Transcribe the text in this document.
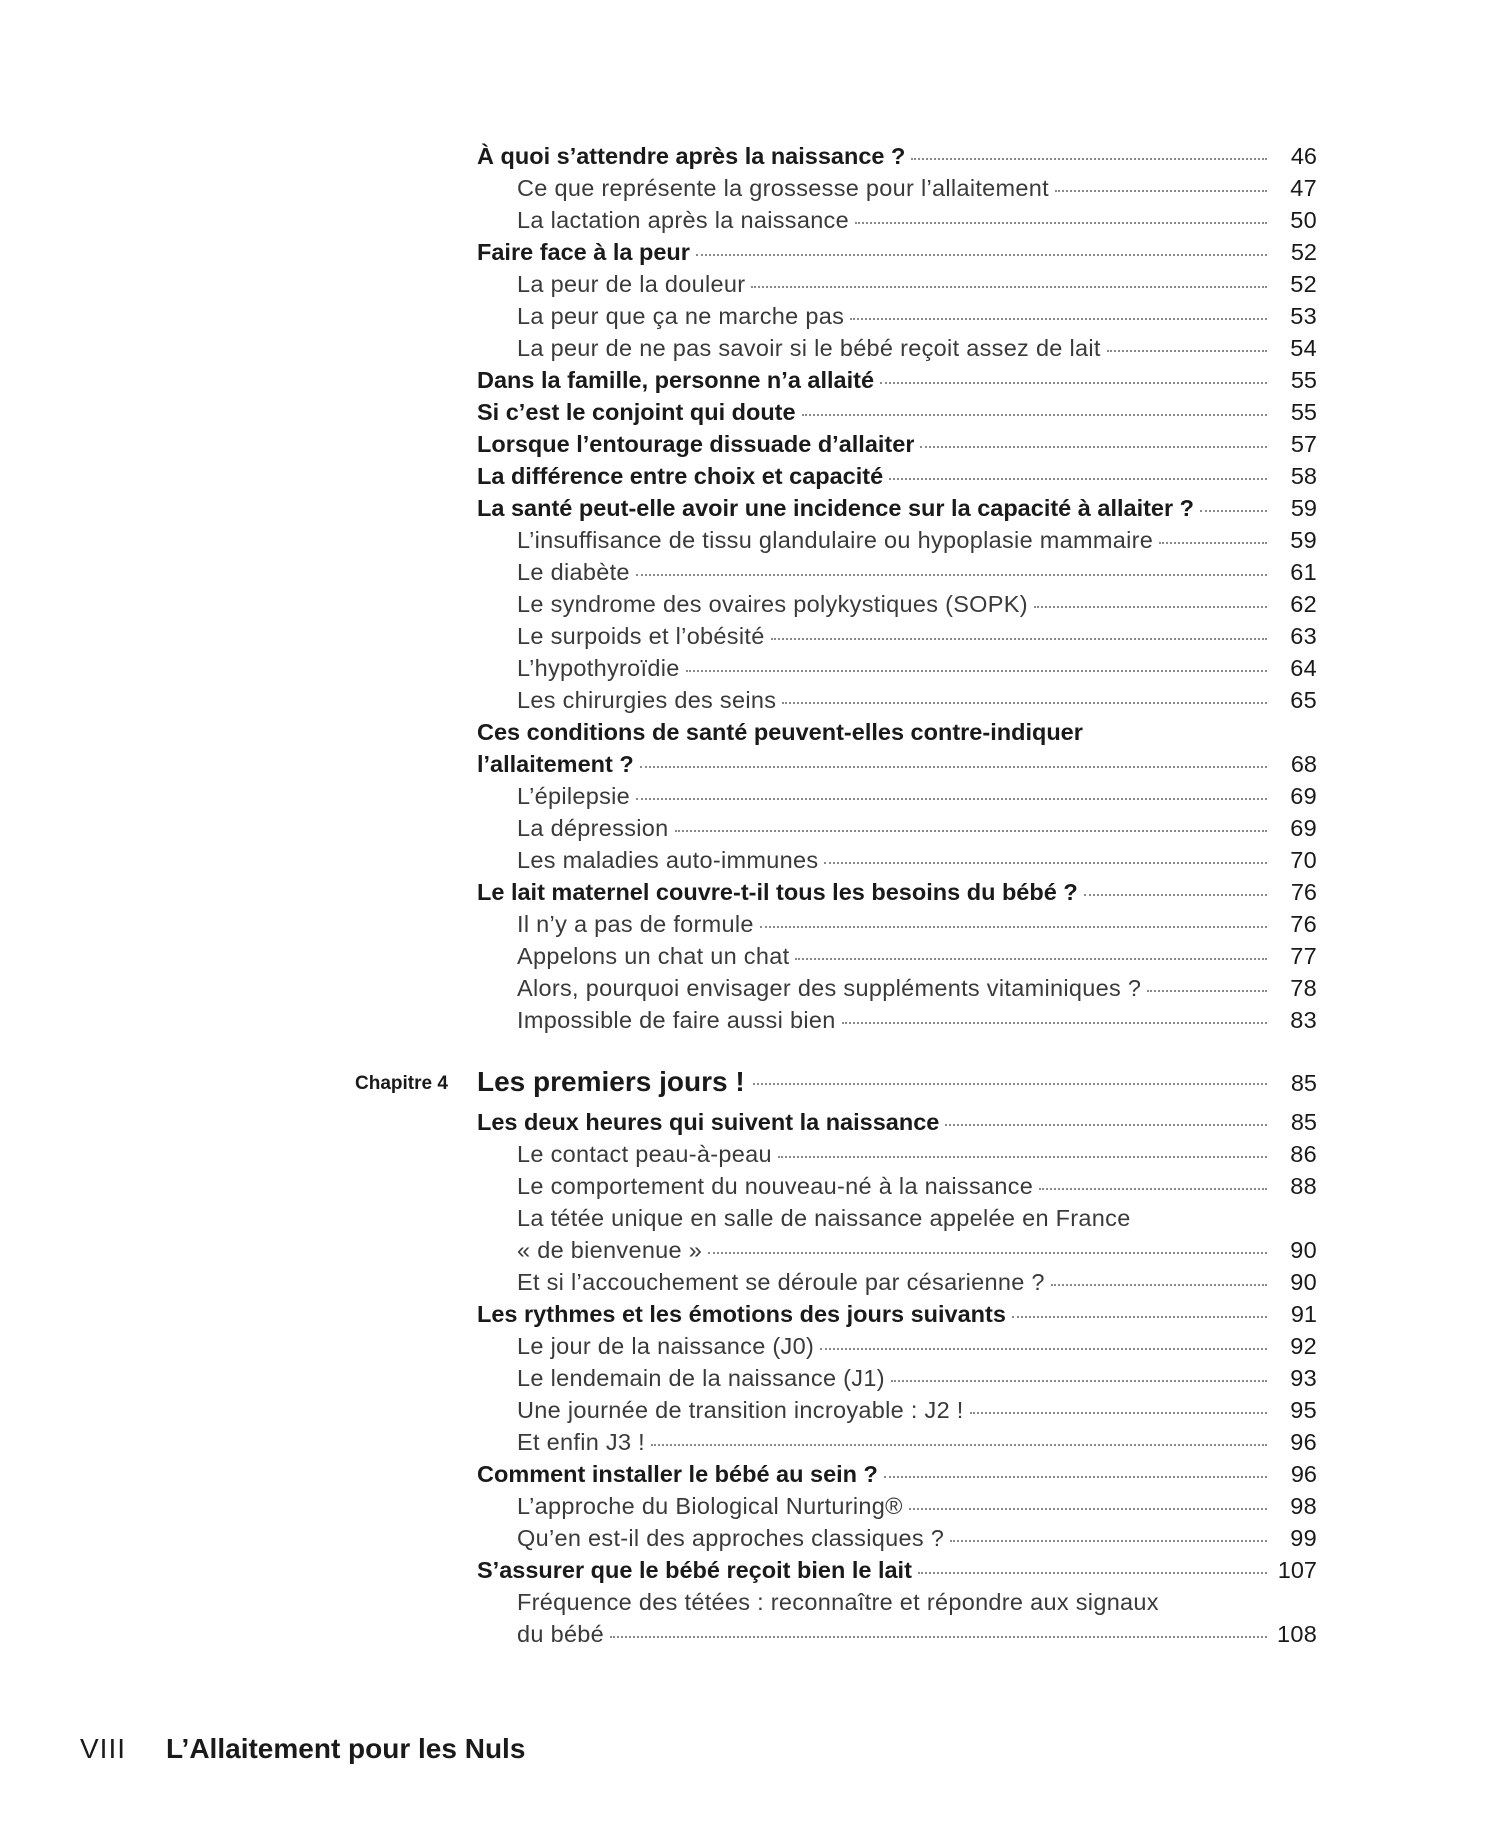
À quoi s’attendre après la naissance ?	46
Ce que représente la grossesse pour l’allaitement	47
La lactation après la naissance	50
Faire face à la peur	52
La peur de la douleur	52
La peur que ça ne marche pas	53
La peur de ne pas savoir si le bébé reçoit assez de lait	54
Dans la famille, personne n’a allaité	55
Si c’est le conjoint qui doute	55
Lorsque l’entourage dissuade d’allaiter	57
La différence entre choix et capacité	58
La santé peut-elle avoir une incidence sur la capacité à allaiter ?	59
L’insuffisance de tissu glandulaire ou hypoplasie mammaire	59
Le diabète	61
Le syndrome des ovaires polykystiques (SOPK)	62
Le surpoids et l’obésité	63
L’hypothyroïdie	64
Les chirurgies des seins	65
Ces conditions de santé peuvent-elles contre-indiquer
l’allaitement ?	68
L’épilepsie	69
La dépression	69
Les maladies auto-immunes	70
Le lait maternel couvre-t-il tous les besoins du bébé ?	76
Il n’y a pas de formule	76
Appelons un chat un chat	77
Alors, pourquoi envisager des suppléments vitaminiques ?	78
Impossible de faire aussi bien	83
Chapitre 4 Les premiers jours !	85
Les deux heures qui suivent la naissance	85
Le contact peau-à-peau	86
Le comportement du nouveau-né à la naissance	88
La tétée unique en salle de naissance appelée en France
« de bienvenue »	90
Et si l’accouchement se déroule par césarienne ?	90
Les rythmes et les émotions des jours suivants	91
Le jour de la naissance (J0)	92
Le lendemain de la naissance (J1)	93
Une journée de transition incroyable : J2 !	95
Et enfin J3 !	96
Comment installer le bébé au sein ?	96
L’approche du Biological Nurturing®	98
Qu’en est-il des approches classiques ?	99
S’assurer que le bébé reçoit bien le lait	107
Fréquence des tétées : reconnaître et répondre aux signaux
du bébé	108
VIII L’Allaitement pour les Nuls
